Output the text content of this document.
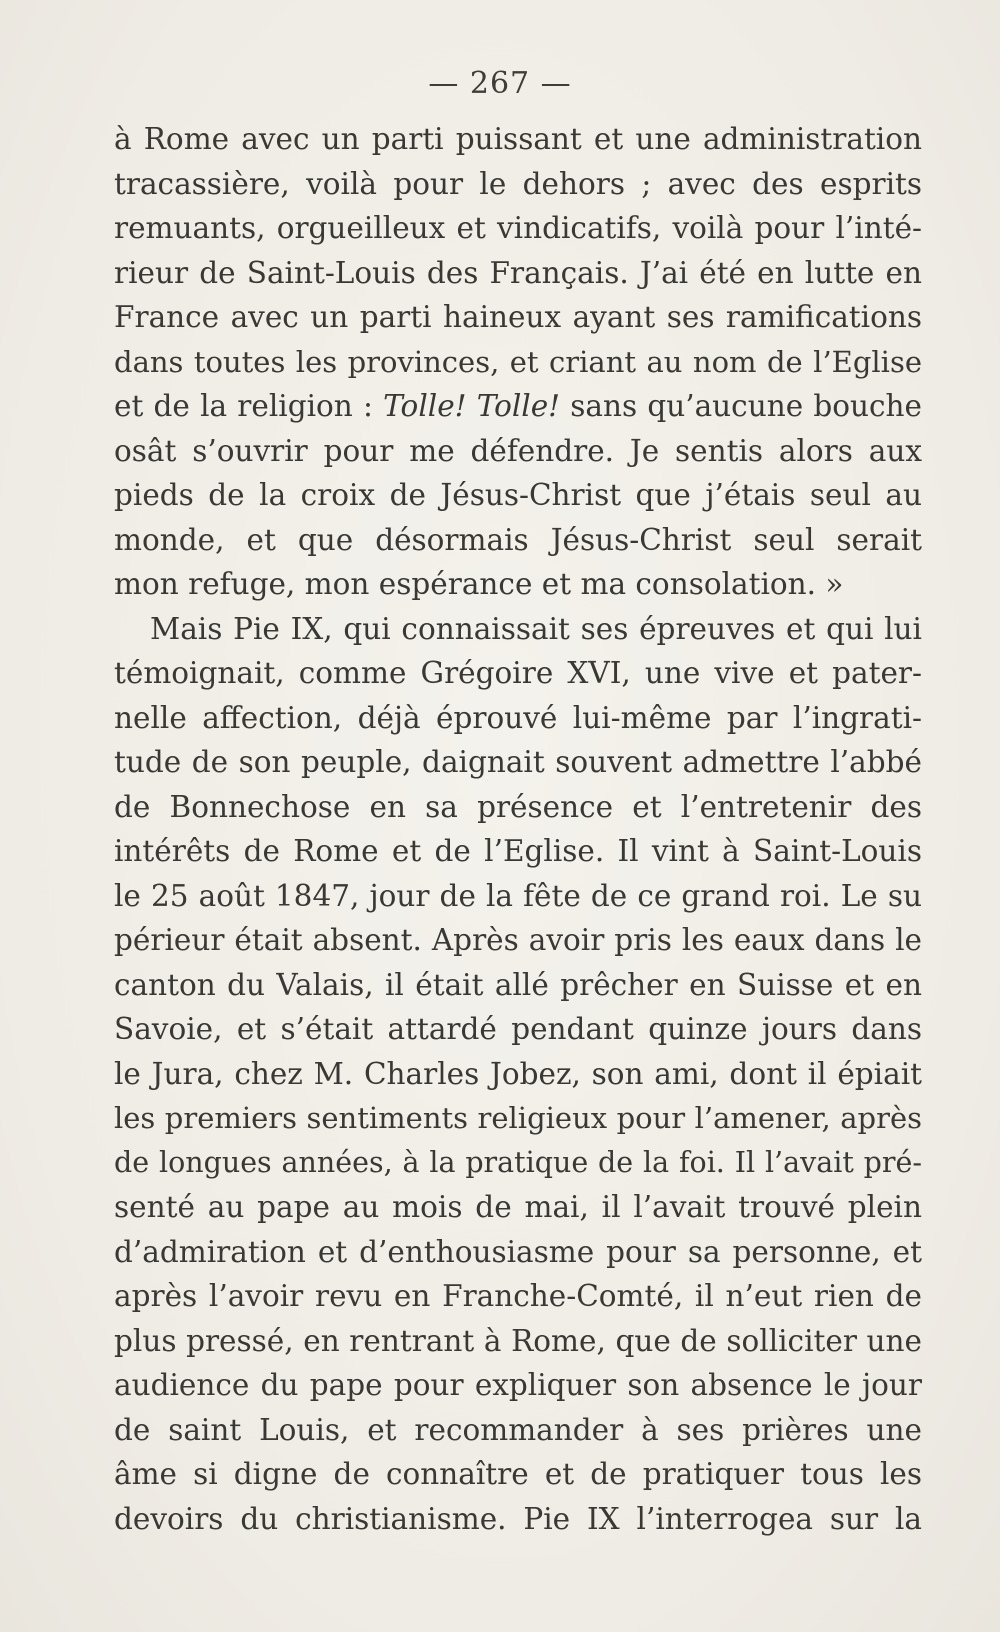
— 267 —
à Rome avec un parti puissant et une administration
tracassière, voilà pour le dehors ; avec des esprits
remuants, orgueilleux et vindicatifs, voilà pour l’inté-
rieur de Saint-Louis des Français. J’ai été en lutte en
France avec un parti haineux ayant ses ramifications
dans toutes les provinces, et criant au nom de l’Eglise
et de la religion : Tolle! Tolle! sans qu’aucune bouche
osât s’ouvrir pour me défendre. Je sentis alors aux
pieds de la croix de Jésus-Christ que j’étais seul au
monde, et que désormais Jésus-Christ seul serait
mon refuge, mon espérance et ma consolation. »
Mais Pie IX, qui connaissait ses épreuves et qui lui
témoignait, comme Grégoire XVI, une vive et pater-
nelle affection, déjà éprouvé lui-même par l’ingrati-
tude de son peuple, daignait souvent admettre l’abbé
de Bonnechose en sa présence et l’entretenir des
intérêts de Rome et de l’Eglise. Il vint à Saint-Louis
le 25 août 1847, jour de la fête de ce grand roi. Le su
périeur était absent. Après avoir pris les eaux dans le
canton du Valais, il était allé prêcher en Suisse et en
Savoie, et s’était attardé pendant quinze jours dans
le Jura, chez M. Charles Jobez, son ami, dont il épiait
les premiers sentiments religieux pour l’amener, après
de longues années, à la pratique de la foi. Il l’avait pré-
senté au pape au mois de mai, il l’avait trouvé plein
d’admiration et d’enthousiasme pour sa personne, et
après l’avoir revu en Franche-Comté, il n’eut rien de
plus pressé, en rentrant à Rome, que de solliciter une
audience du pape pour expliquer son absence le jour
de saint Louis, et recommander à ses prières une
âme si digne de connaître et de pratiquer tous les
devoirs du christianisme. Pie IX l’interrogea sur la
